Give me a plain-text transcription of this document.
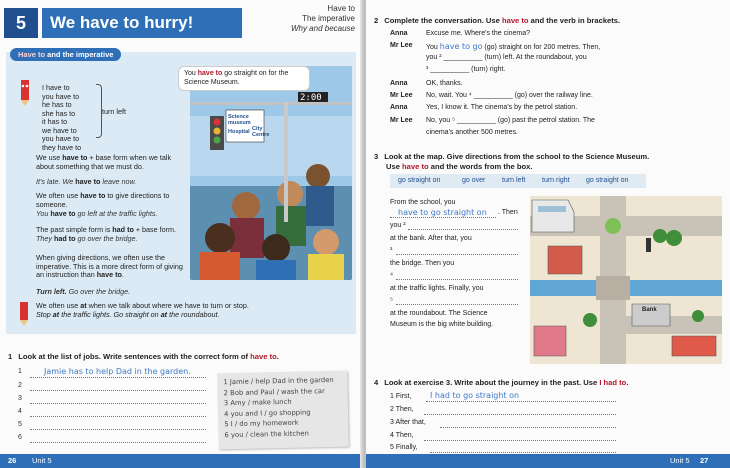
5	We have to hurry!
Have to
The imperative
Why and because
Have to and the imperative
I have to
you have to
he has to
she has to
it has to
we have to
you have to
they have to
turn left
We use have to + base form when we talk about something that we must do.
It's late. We have to leave now.
We often use have to to give directions to someone.
You have to go left at the traffic lights.
The past simple form is had to + base form.
They had to go over the bridge.
When giving directions, we often use the imperative. This is a more direct form of giving an instruction than have to.
Turn left. Go over the bridge.
Science
museum
Hospital City
Centre
2:00
You have to go straight on for the Science Museum.
We often use at when we talk about where we have to turn or stop.
Stop at the traffic lights. Go straight on at the roundabout.
1 Look at the list of jobs. Write sentences with the correct form of have to.
1	Jamie has to help Dad in the garden.
2
3
4
5
6
1 Jamie / help Dad in the garden
2 Bob and Paul / wash the car
3 Amy / make lunch
4 you and I / go shopping
5 I / do my homework
6 you / clean the kitchen
26 Unit 5
2 Complete the conversation. Use have to and the verb in brackets.
Anna	Excuse me. Where's the cinema?
Mr Lee You have to go (go) straight on for 200 metres. Then,
you ² __________ (turn) left. At the roundabout, you
³ __________ (turn) right.
Anna	OK, thanks.
Mr Lee No, wait. You ⁴ __________ (go) over the railway line.
Anna	Yes, I know it. The cinema's by the petrol station.
Mr Lee No, you ⁵ __________ (go) past the petrol station. The
cinema's another 500 metres.
3 Look at the map. Give directions from the school to the Science Museum.
Use have to and the words from the box.
go straight on	go over turn left turn right go straight on
From the school, you
have to go straight on . Then
you ²
at the bank. After that, you
³
the bridge. Then you
⁴
at the traffic lights. Finally, you
⁵
at the roundabout. The Science
Museum is the big white building.
Bank
4 Look at exercise 3. Write about the journey in the past. Use I had to.
1 First, I had to go straight on
2 Then,
3 After that,
4 Then,
5 Finally,
Unit 5 27
